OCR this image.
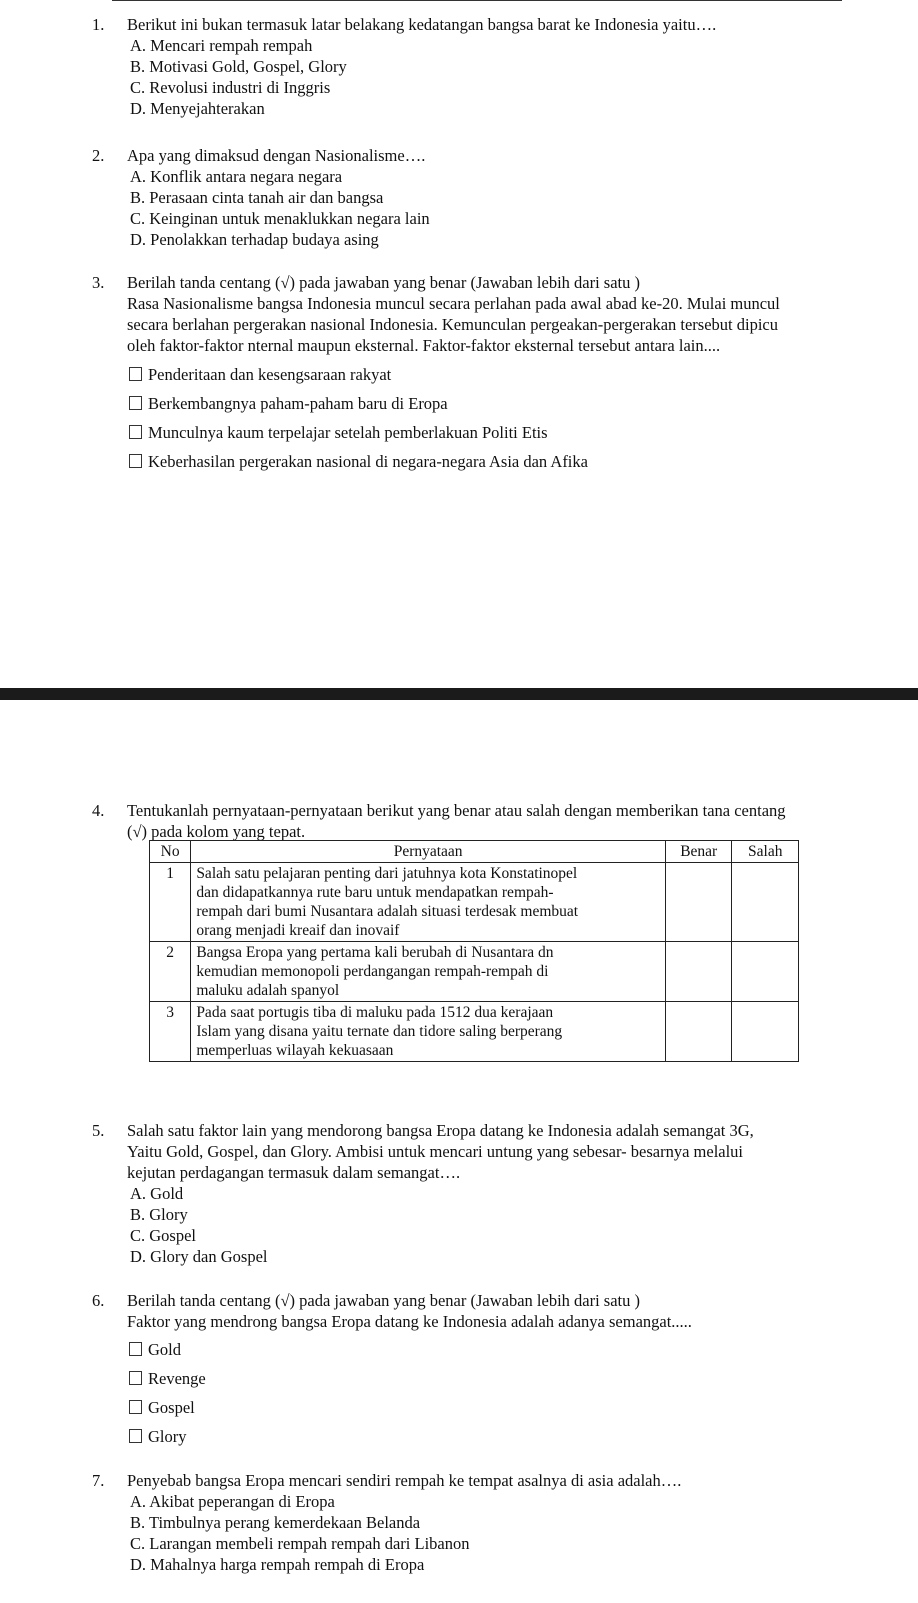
1. Berikut ini bukan termasuk latar belakang kedatangan bangsa barat ke Indonesia yaitu….
A. Mencari rempah rempah
B. Motivasi Gold, Gospel, Glory
C. Revolusi industri di Inggris
D. Menyejahterakan
2. Apa yang dimaksud dengan Nasionalisme….
A. Konflik antara negara negara
B. Perasaan cinta tanah air dan bangsa
C. Keinginan untuk menaklukkan negara lain
D. Penolakkan terhadap budaya asing
3. Berilah tanda centang (√) pada jawaban yang benar (Jawaban lebih dari satu )
Rasa Nasionalisme bangsa Indonesia muncul secara perlahan pada awal abad ke-20. Mulai muncul
secara berlahan pergerakan nasional Indonesia. Kemunculan pergeakan-pergerakan tersebut dipicu
oleh faktor-faktor nternal maupun eksternal. Faktor-faktor eksternal tersebut antara lain....
Penderitaan dan kesengsaraan rakyat
Berkembangnya paham-paham baru di Eropa
Munculnya kaum terpelajar setelah pemberlakuan Politi Etis
Keberhasilan pergerakan nasional di negara-negara Asia dan Afika
4. Tentukanlah pernyataan-pernyataan berikut yang benar atau salah dengan memberikan tana centang
(√) pada kolom yang tepat.
No	Pernyataan	Benar	Salah
1	Salah satu pelajaran penting dari jatuhnya kota Konstatinopel
dan didapatkannya rute baru untuk mendapatkan rempah-
rempah dari bumi Nusantara adalah situasi terdesak membuat
orang menjadi kreaif dan inovaif		

2	Bangsa Eropa yang pertama kali berubah di Nusantara dn
kemudian memonopoli perdangangan rempah-rempah di
maluku adalah spanyol		

3	Pada saat portugis tiba di maluku pada 1512 dua kerajaan
Islam yang disana yaitu ternate dan tidore saling berperang
memperluas wilayah kekuasaan		

5. Salah satu faktor lain yang mendorong bangsa Eropa datang ke Indonesia adalah semangat 3G,
Yaitu Gold, Gospel, dan Glory. Ambisi untuk mencari untung yang sebesar- besarnya melalui
kejutan perdagangan termasuk dalam semangat….
A. Gold
B. Glory
C. Gospel
D. Glory dan Gospel
6. Berilah tanda centang (√) pada jawaban yang benar (Jawaban lebih dari satu )
Faktor yang mendrong bangsa Eropa datang ke Indonesia adalah adanya semangat.....
Gold
Revenge
Gospel
Glory
7. Penyebab bangsa Eropa mencari sendiri rempah ke tempat asalnya di asia adalah….
A. Akibat peperangan di Eropa
B. Timbulnya perang kemerdekaan Belanda
C. Larangan membeli rempah rempah dari Libanon
D. Mahalnya harga rempah rempah di Eropa
